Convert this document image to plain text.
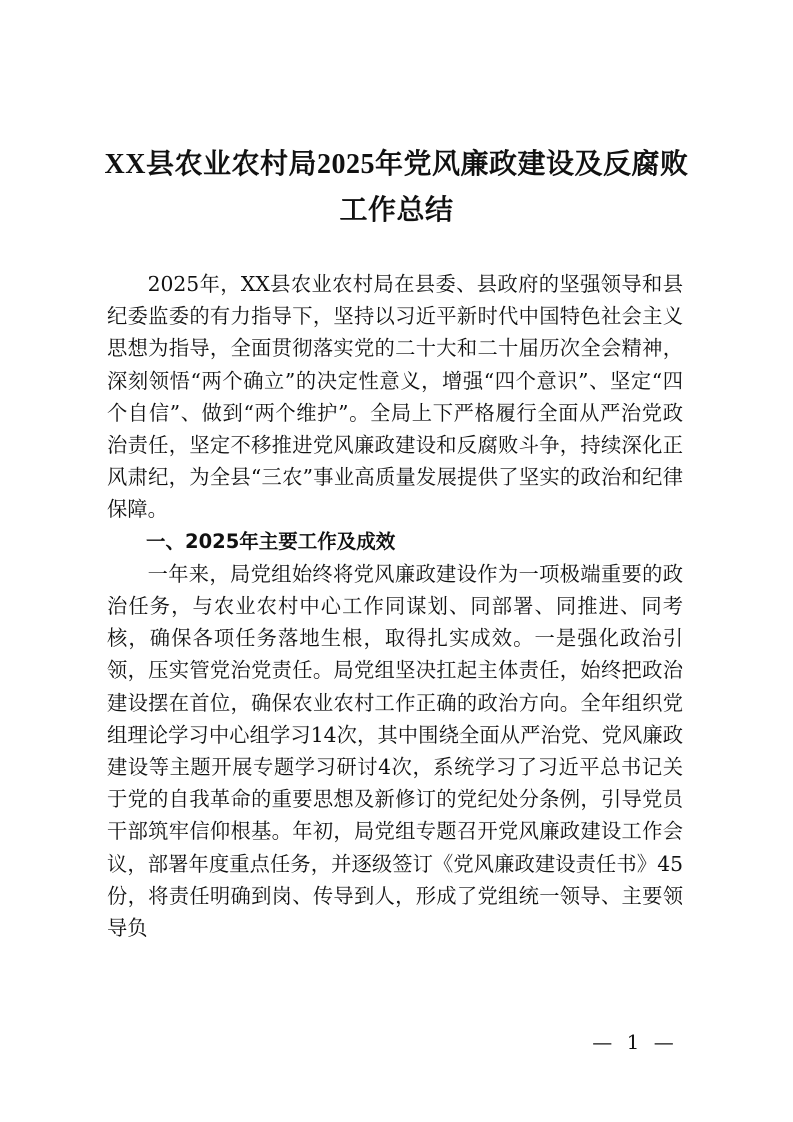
XX县农业农村局2025年党风廉政建设及反腐败工作总结

2025年，XX县农业农村局在县委、县政府的坚强领导和县纪委监委的有力指导下，坚持以习近平新时代中国特色社会主义思想为指导，全面贯彻落实党的二十大和二十届历次全会精神，深刻领悟“两个确立”的决定性意义，增强“四个意识”、坚定“四个自信”、做到“两个维护”。全局上下严格履行全面从严治党政治责任，坚定不移推进党风廉政建设和反腐败斗争，持续深化正风肃纪，为全县“三农”事业高质量发展提供了坚实的政治和纪律保障。

一、2025年主要工作及成效

一年来，局党组始终将党风廉政建设作为一项极端重要的政治任务，与农业农村中心工作同谋划、同部署、同推进、同考核，确保各项任务落地生根，取得扎实成效。一是强化政治引领，压实管党治党责任。局党组坚决扛起主体责任，始终把政治建设摆在首位，确保农业农村工作正确的政治方向。全年组织党组理论学习中心组学习14次，其中围绕全面从严治党、党风廉政建设等主题开展专题学习研讨4次，系统学习了习近平总书记关于党的自我革命的重要思想及新修订的党纪处分条例，引导党员干部筑牢信仰根基。年初，局党组专题召开党风廉政建设工作会议，部署年度重点任务，并逐级签订《党风廉政建设责任书》45份，将责任明确到岗、传导到人，形成了党组统一领导、主要领导负

— 1 —
